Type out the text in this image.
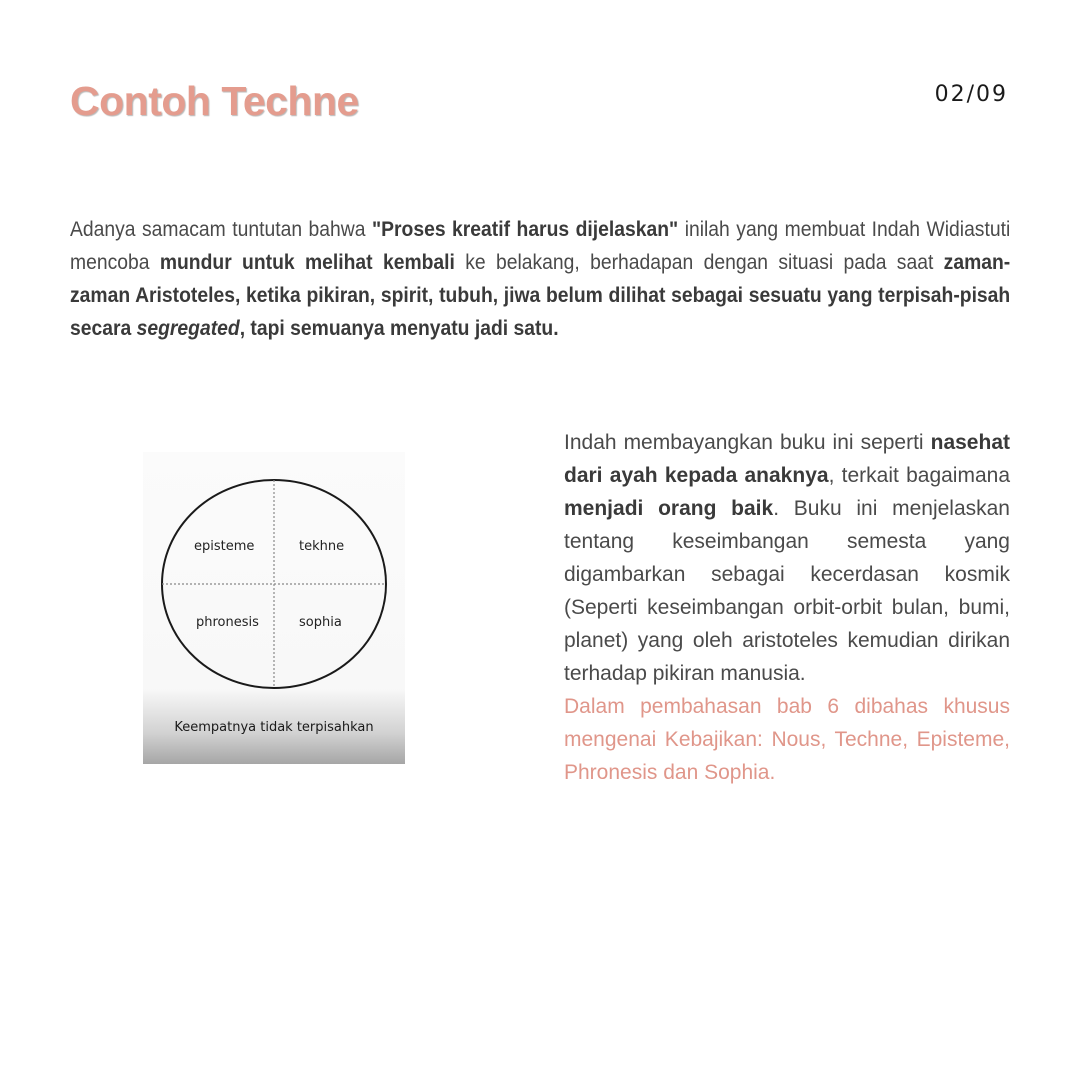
Contoh Techne	02/09

Adanya samacam tuntutan bahwa "Proses kreatif harus dijelaskan" inilah yang membuat Indah Widiastuti mencoba mundur untuk melihat kembali ke belakang, berhadapan dengan situasi pada saat zaman-zaman Aristoteles, ketika pikiran, spirit, tubuh, jiwa belum dilihat sebagai sesuatu yang terpisah-pisah secara segregated, tapi semuanya menyatu jadi satu.

episteme	tekhne
phronesis	sophia
Keempatnya tidak terpisahkan

Indah membayangkan buku ini seperti nasehat dari ayah kepada anaknya, terkait bagaimana menjadi orang baik. Buku ini menjelaskan tentang keseimbangan semesta yang digambarkan sebagai kecerdasan kosmik (Seperti keseimbangan orbit-orbit bulan, bumi, planet) yang oleh aristoteles kemudian dirikan terhadap pikiran manusia.

Dalam pembahasan bab 6 dibahas khusus mengenai Kebajikan: Nous, Techne, Episteme, Phronesis dan Sophia.
